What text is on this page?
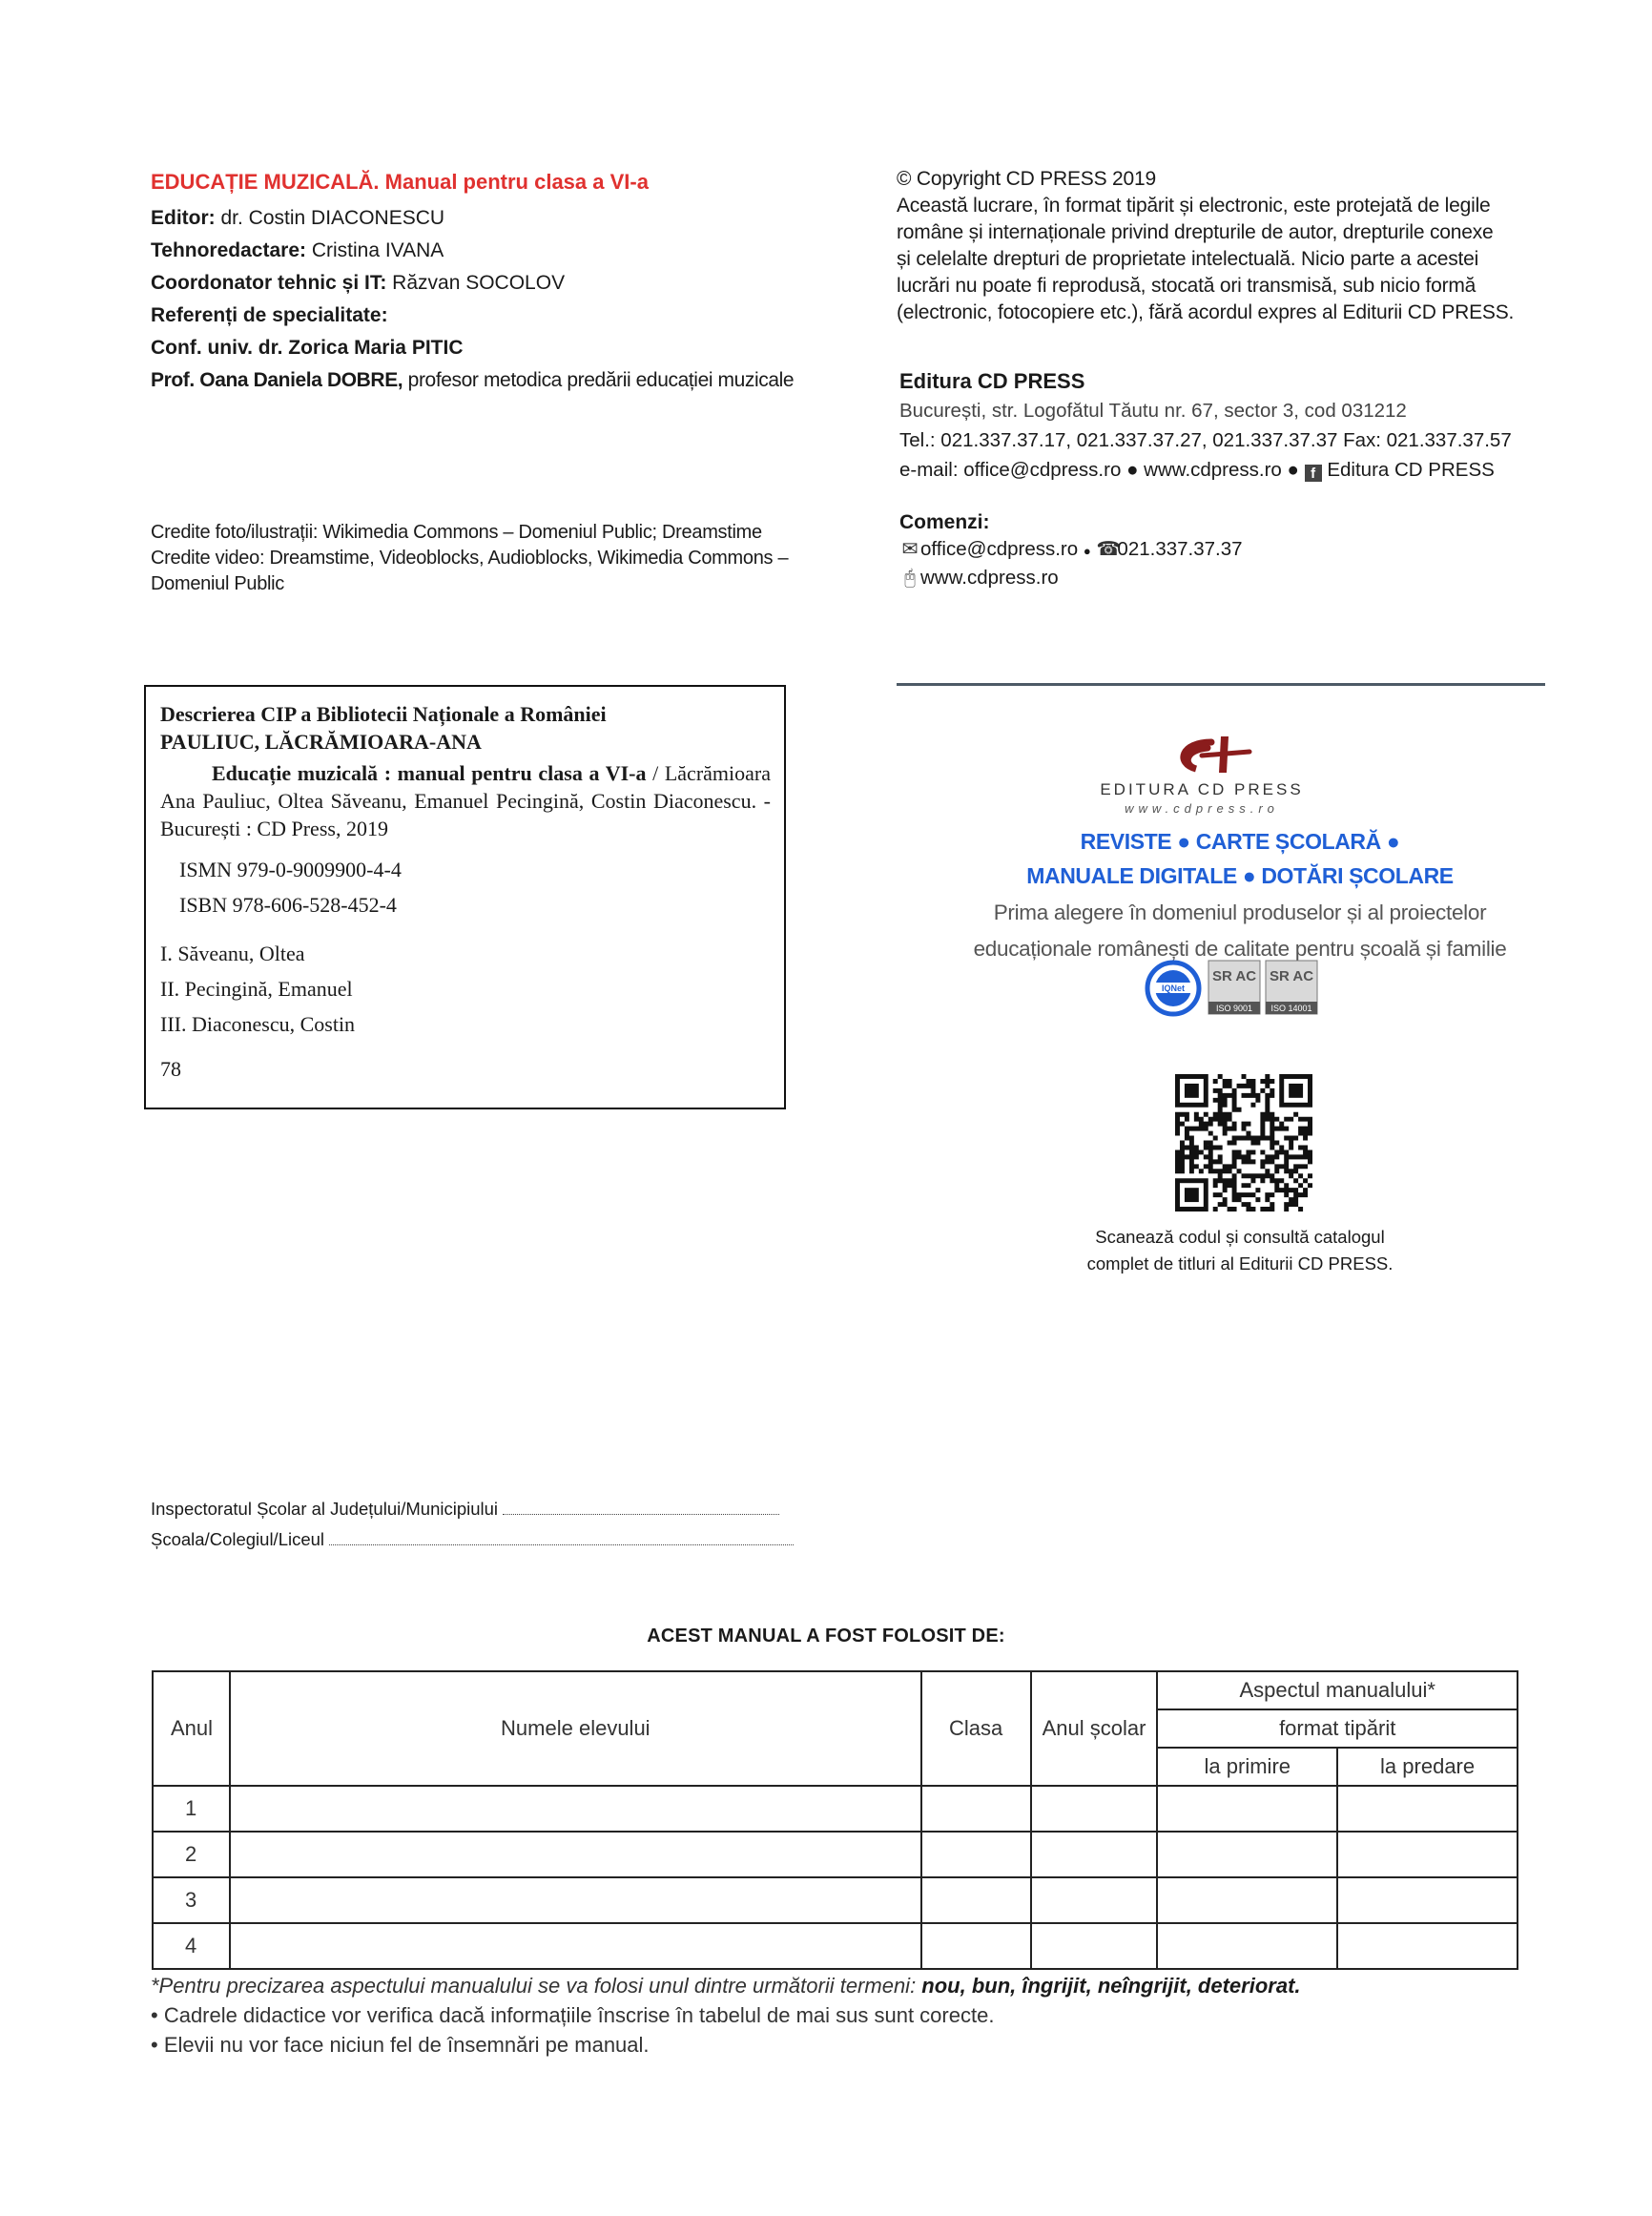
EDUCAȚIE MUZICALĂ. Manual pentru clasa a VI-a
Editor: dr. Costin DIACONESCU
Tehnoredactare: Cristina IVANA
Coordonator tehnic și IT: Răzvan SOCOLOV
Referenți de specialitate:
Conf. univ. dr. Zorica Maria PITIC
Prof. Oana Daniela DOBRE, profesor metodica predării educației muzicale
Credite foto/ilustrații: Wikimedia Commons – Domeniul Public; Dreamstime
Credite video: Dreamstime, Videoblocks, Audioblocks, Wikimedia Commons –
Domeniul Public
© Copyright CD PRESS 2019
Această lucrare, în format tipărit și electronic, este protejată de legile
române și internaționale privind drepturile de autor, drepturile conexe
și celelalte drepturi de proprietate intelectuală. Nicio parte a acestei
lucrări nu poate fi reprodusă, stocată ori transmisă, sub nicio formă
(electronic, fotocopiere etc.), fără acordul expres al Editurii CD PRESS.
Editura CD PRESS
București, str. Logofătul Tăutu nr. 67, sector 3, cod 031212
Tel.: 021.337.37.17, 021.337.37.27, 021.337.37.37 Fax: 021.337.37.57
e-mail: office@cdpress.ro ● www.cdpress.ro ● f Editura CD PRESS
Comenzi:
✉ office@cdpress.ro ● ☎021.337.37.37
🖰 www.cdpress.ro
Descrierea CIP a Bibliotecii Naționale a României
PAULIUC, LĂCRĂMIOARA-ANA
Educație muzicală : manual pentru clasa a VI-a / Lăcrămioara Ana Pauliuc, Oltea Săveanu, Emanuel Pecingină, Costin Diaconescu. - București : CD Press, 2019
ISMN 979-0-9009900-4-4
ISBN 978-606-528-452-4
I. Săveanu, Oltea
II. Pecingină, Emanuel
III. Diaconescu, Costin
78
EDITURA CD PRESS
www.cdpress.ro
REVISTE ● CARTE ȘCOLARĂ ●
MANUALE DIGITALE ● DOTĂRI ȘCOLARE
Prima alegere în domeniul produselor și al proiectelor
educaționale românești de calitate pentru școală și familie
IQNet
SR AC
ISO 9001
SR AC
ISO 14001
Scanează codul și consultă catalogul
complet de titluri al Editurii CD PRESS.
Inspectoratul Școlar al Județului/Municipiului
Școala/Colegiul/Liceul
ACEST MANUAL A FOST FOLOSIT DE:
Anul	Numele elevului	Clasa	Anul școlar	Aspectul manualului*	
				format tipărit	
				la primire	la predare
1					
2					
3					
4					
*Pentru precizarea aspectului manualului se va folosi unul dintre următorii termeni: nou, bun, îngrijit, neîngrijit, deteriorat.
• Cadrele didactice vor verifica dacă informațiile înscrise în tabelul de mai sus sunt corecte.
• Elevii nu vor face niciun fel de însemnări pe manual.
